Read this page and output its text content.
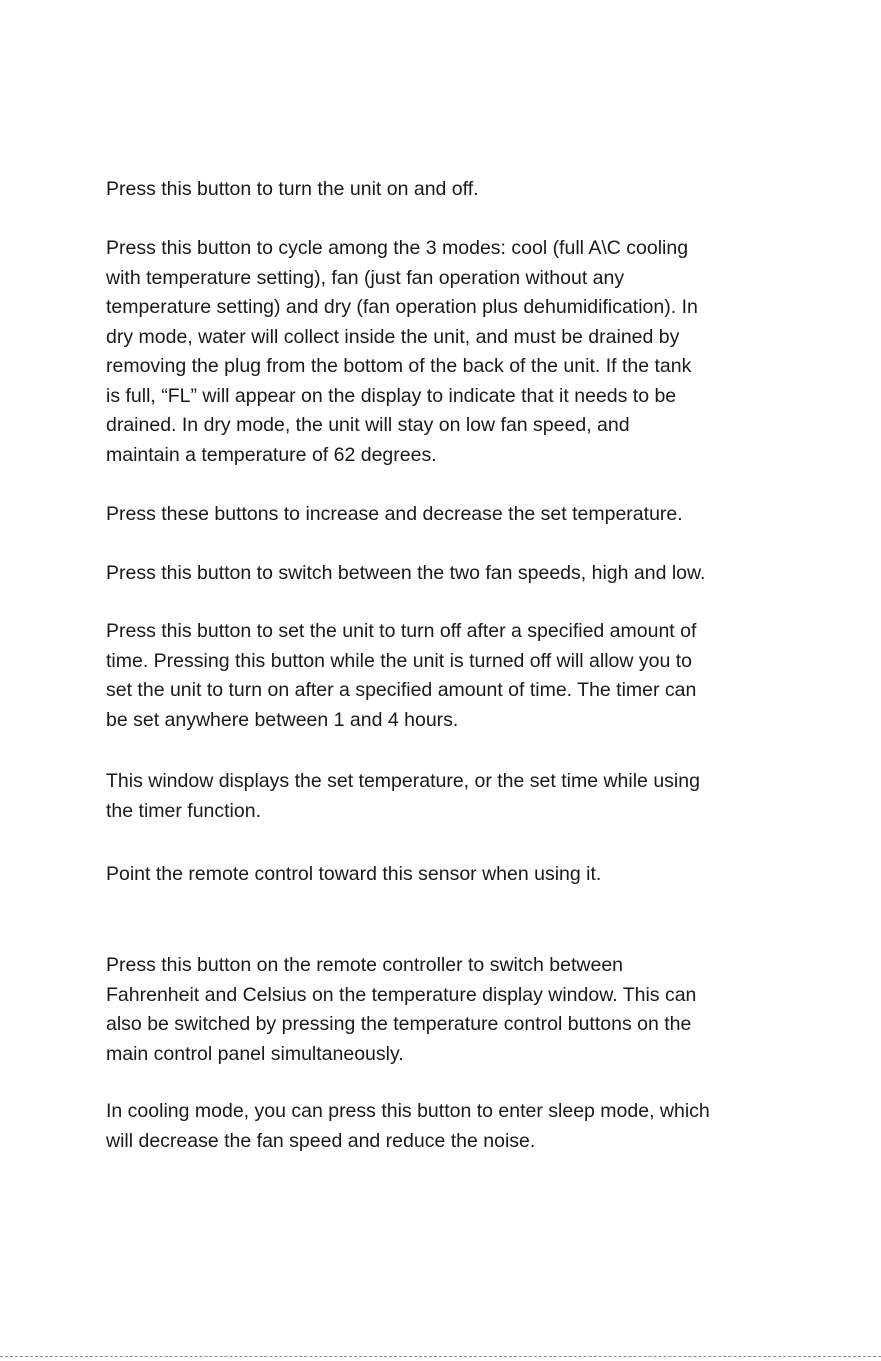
Press this button to turn the unit on and off.

Press this button to cycle among the 3 modes: cool (full A\C cooling
with temperature setting), fan (just fan operation without any
temperature setting) and dry (fan operation plus dehumidification). In
dry mode, water will collect inside the unit, and must be drained by
removing the plug from the bottom of the back of the unit. If the tank
is full, “FL” will appear on the display to indicate that it needs to be
drained. In dry mode, the unit will stay on low fan speed, and
maintain a temperature of 62 degrees.

Press these buttons to increase and decrease the set temperature.

Press this button to switch between the two fan speeds, high and low.

Press this button to set the unit to turn off after a specified amount of
time. Pressing this button while the unit is turned off will allow you to
set the unit to turn on after a specified amount of time. The timer can
be set anywhere between 1 and 4 hours.

This window displays the set temperature, or the set time while using
the timer function.

Point the remote control toward this sensor when using it.

Press this button on the remote controller to switch between
Fahrenheit and Celsius on the temperature display window. This can
also be switched by pressing the temperature control buttons on the
main control panel simultaneously.

In cooling mode, you can press this button to enter sleep mode, which
will decrease the fan speed and reduce the noise.
